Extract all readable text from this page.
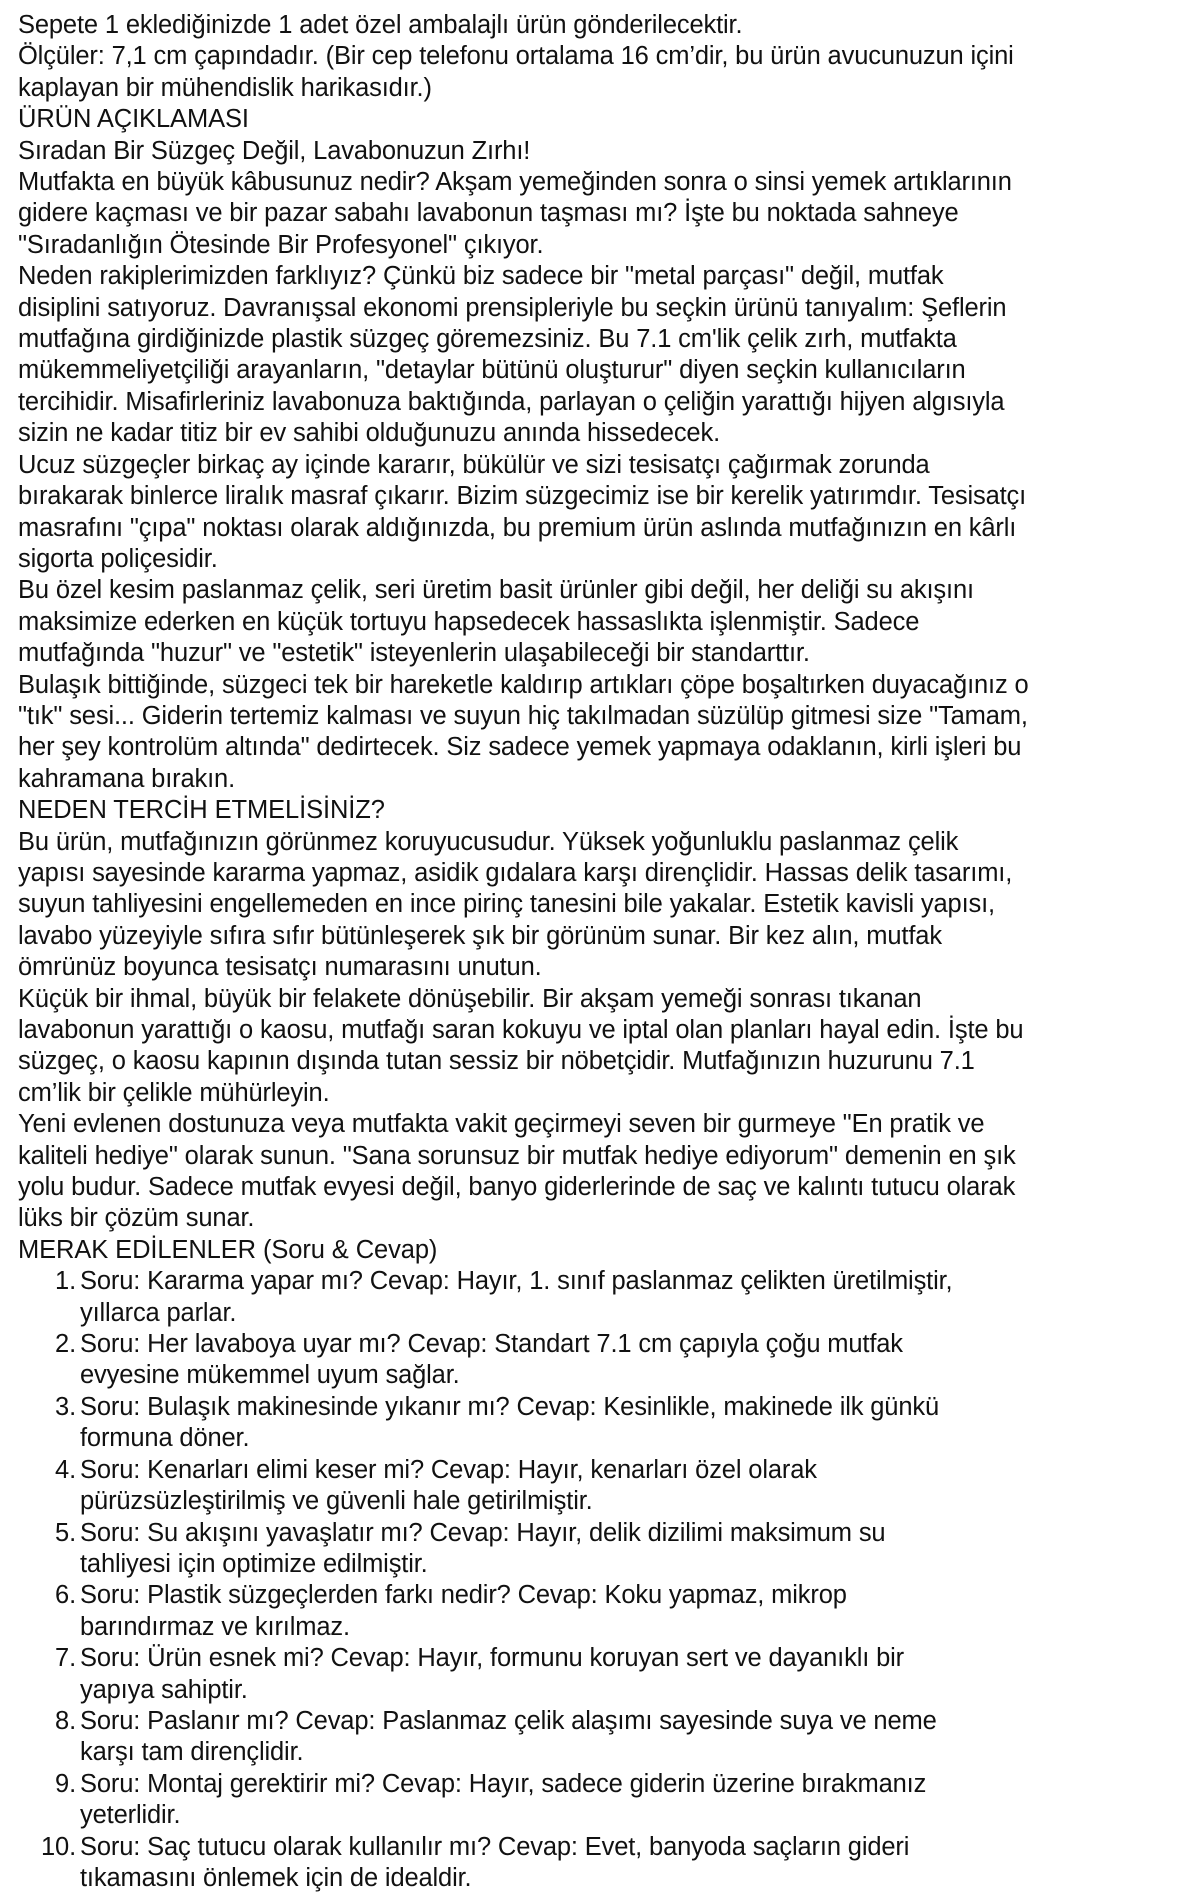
Sepete 1 eklediğinizde 1 adet özel ambalajlı ürün gönderilecektir.

Ölçüler: 7,1 cm çapındadır. (Bir cep telefonu ortalama 16 cm’dir, bu ürün avucunuzun içini kaplayan bir mühendislik harikasıdır.)

ÜRÜN AÇIKLAMASI

Sıradan Bir Süzgeç Değil, Lavabonuzun Zırhı!

Mutfakta en büyük kâbusunuz nedir? Akşam yemeğinden sonra o sinsi yemek artıklarının gidere kaçması ve bir pazar sabahı lavabonun taşması mı? İşte bu noktada sahneye "Sıradanlığın Ötesinde Bir Profesyonel" çıkıyor.

Neden rakiplerimizden farklıyız? Çünkü biz sadece bir "metal parçası" değil, mutfak disiplini satıyoruz. Davranışsal ekonomi prensipleriyle bu seçkin ürünü tanıyalım: Şeflerin mutfağına girdiğinizde plastik süzgeç göremezsiniz. Bu 7.1 cm'lik çelik zırh, mutfakta mükemmeliyetçiliği arayanların, "detaylar bütünü oluşturur" diyen seçkin kullanıcıların tercihidir. Misafirleriniz lavabonuza baktığında, parlayan o çeliğin yarattığı hijyen algısıyla sizin ne kadar titiz bir ev sahibi olduğunuzu anında hissedecek.

Ucuz süzgeçler birkaç ay içinde kararır, bükülür ve sizi tesisatçı çağırmak zorunda bırakarak binlerce liralık masraf çıkarır. Bizim süzgecimiz ise bir kerelik yatırımdır. Tesisatçı masrafını "çıpa" noktası olarak aldığınızda, bu premium ürün aslında mutfağınızın en kârlı sigorta poliçesidir.

Bu özel kesim paslanmaz çelik, seri üretim basit ürünler gibi değil, her deliği su akışını maksimize ederken en küçük tortuyu hapsedecek hassaslıkta işlenmiştir. Sadece mutfağında "huzur" ve "estetik" isteyenlerin ulaşabileceği bir standarttır.

Bulaşık bittiğinde, süzgeci tek bir hareketle kaldırıp artıkları çöpe boşaltırken duyacağınız o "tık" sesi... Giderin tertemiz kalması ve suyun hiç takılmadan süzülüp gitmesi size "Tamam, her şey kontrolüm altında" dedirtecek. Siz sadece yemek yapmaya odaklanın, kirli işleri bu kahramana bırakın.

NEDEN TERCİH ETMELİSİNİZ?

Bu ürün, mutfağınızın görünmez koruyucusudur. Yüksek yoğunluklu paslanmaz çelik yapısı sayesinde kararma yapmaz, asidik gıdalara karşı dirençlidir. Hassas delik tasarımı, suyun tahliyesini engellemeden en ince pirinç tanesini bile yakalar. Estetik kavisli yapısı, lavabo yüzeyiyle sıfıra sıfır bütünleşerek şık bir görünüm sunar. Bir kez alın, mutfak ömrünüz boyunca tesisatçı numarasını unutun.

Küçük bir ihmal, büyük bir felakete dönüşebilir. Bir akşam yemeği sonrası tıkanan lavabonun yarattığı o kaosu, mutfağı saran kokuyu ve iptal olan planları hayal edin. İşte bu süzgeç, o kaosu kapının dışında tutan sessiz bir nöbetçidir. Mutfağınızın huzurunu 7.1 cm’lik bir çelikle mühürleyin.

Yeni evlenen dostunuza veya mutfakta vakit geçirmeyi seven bir gurmeye "En pratik ve kaliteli hediye" olarak sunun. "Sana sorunsuz bir mutfak hediye ediyorum" demenin en şık yolu budur. Sadece mutfak evyesi değil, banyo giderlerinde de saç ve kalıntı tutucu olarak lüks bir çözüm sunar.

MERAK EDİLENLER (Soru & Cevap)

Soru: Kararma yapar mı? Cevap: Hayır, 1. sınıf paslanmaz çelikten üretilmiştir, yıllarca parlar.
Soru: Her lavaboya uyar mı? Cevap: Standart 7.1 cm çapıyla çoğu mutfak evyesine mükemmel uyum sağlar.
Soru: Bulaşık makinesinde yıkanır mı? Cevap: Kesinlikle, makinede ilk günkü formuna döner.
Soru: Kenarları elimi keser mi? Cevap: Hayır, kenarları özel olarak pürüzsüzleştirilmiş ve güvenli hale getirilmiştir.
Soru: Su akışını yavaşlatır mı? Cevap: Hayır, delik dizilimi maksimum su tahliyesi için optimize edilmiştir.
Soru: Plastik süzgeçlerden farkı nedir? Cevap: Koku yapmaz, mikrop barındırmaz ve kırılmaz.
Soru: Ürün esnek mi? Cevap: Hayır, formunu koruyan sert ve dayanıklı bir yapıya sahiptir.
Soru: Paslanır mı? Cevap: Paslanmaz çelik alaşımı sayesinde suya ve neme karşı tam dirençlidir.
Soru: Montaj gerektirir mi? Cevap: Hayır, sadece giderin üzerine bırakmanız yeterlidir.
Soru: Saç tutucu olarak kullanılır mı? Cevap: Evet, banyoda saçların gideri tıkamasını önlemek için de idealdir.
